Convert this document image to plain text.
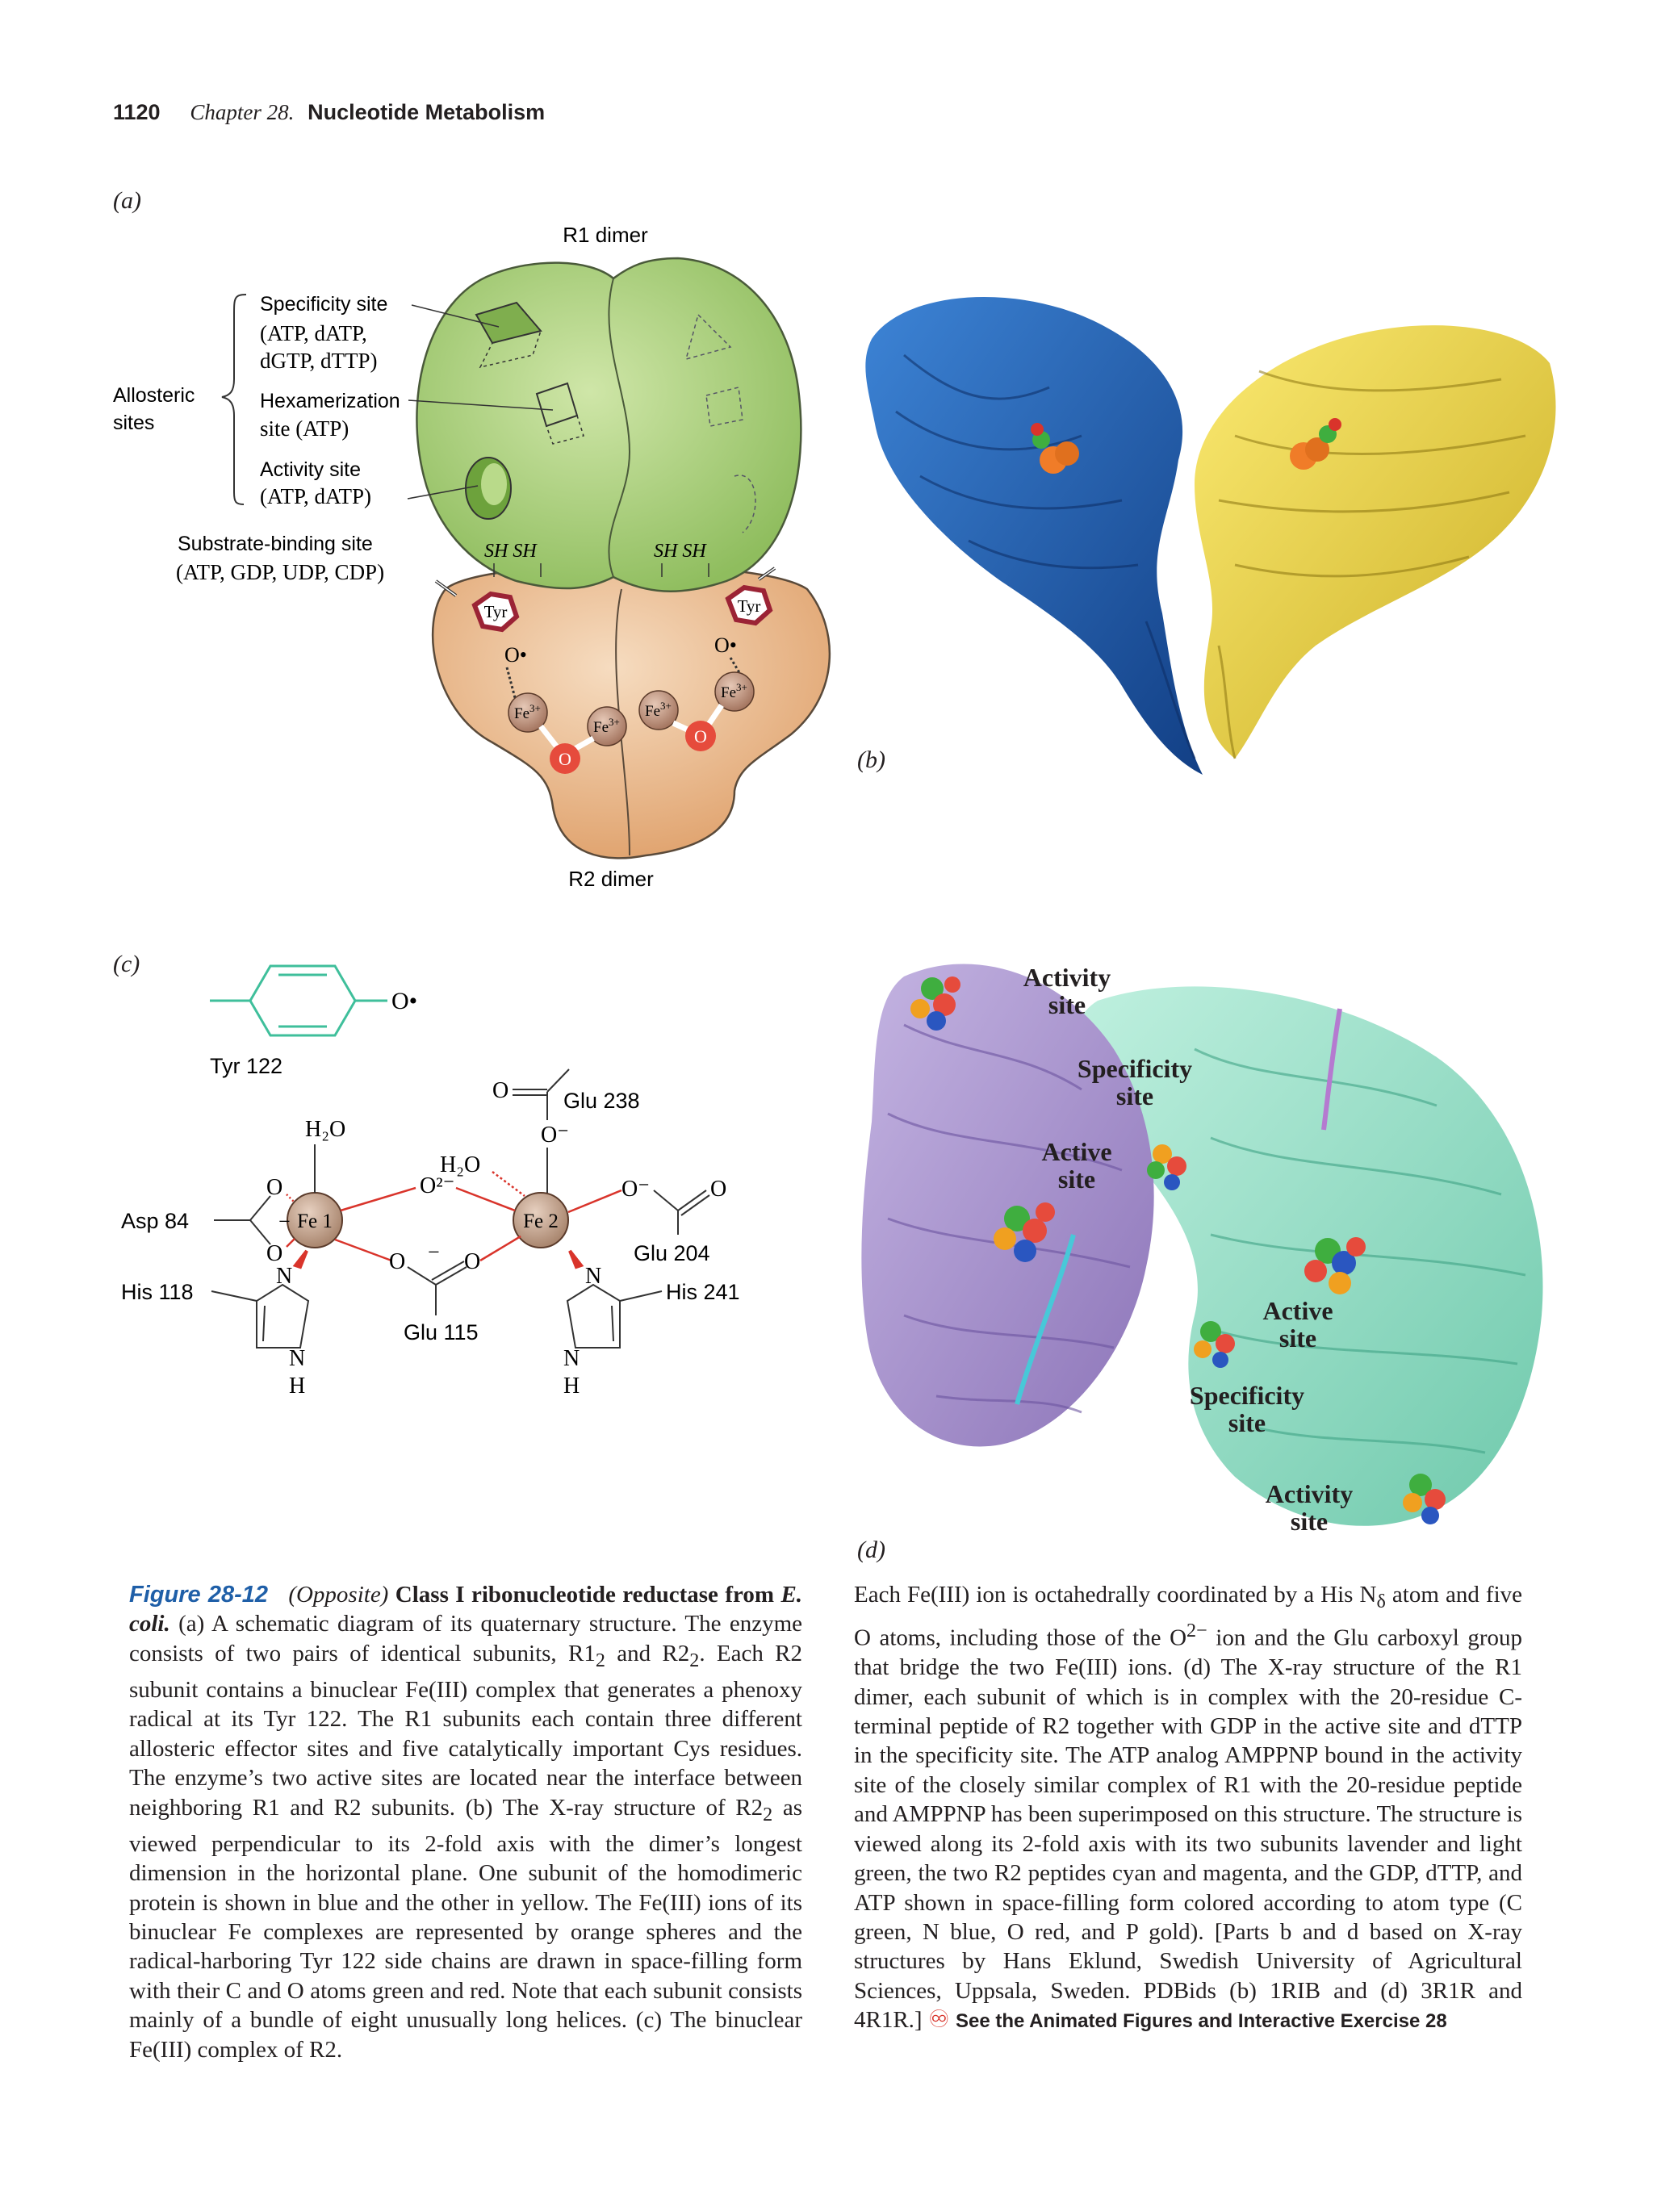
1120 Chapter 28. Nucleotide Metabolism
(a)
R1 dimer
Allosteric
sites
Specificity site
Hexamerization
Activity site
Substrate-binding site
(ATP, dATP,
dGTP, dTTP)
site (ATP)
(ATP, dATP)
(ATP, GDP, UDP, CDP)
SH SH	SH SH
Tyr	Tyr
O•	O•
$Fe^{3+}$
$Fe^{3+}$
$Fe^{3+}$
$Fe^{3+}$
O
O
R2 dimer
(b)
(c)
O•
Tyr 122
Fe 1	Fe 2
H₂O
O²⁻
H₂O
O
O⁻
Glu 238
O⁻	O
Glu 204
Asp 84
O
O
−
O − O
Glu 115
His 118
N
N
H
His 241
N
N
H
Activity
site
Specificity
site
Active
site
Active
site
Specificity
site
Activity
site
(d)

Figure 28-12 (Opposite) Class I ribonucleotide reductase from E. coli. (a) A schematic diagram of its quaternary structure. The enzyme consists of two pairs of identical subunits, $R1_2$ and $R2_2$. Each R2 subunit contains a binuclear Fe(III) complex that generates a phenoxy radical at its Tyr 122. The R1 subunits each contain three different allosteric effector sites and five catalytically important Cys residues. The enzyme’s two active sites are located near the interface between neighboring R1 and R2 subunits. (b) The X-ray structure of $R2_2$ as viewed perpendicular to its 2-fold axis with the dimer’s longest dimension in the horizontal plane. One subunit of the homodimeric protein is shown in blue and the other in yellow. The Fe(III) ions of its binuclear Fe complexes are represented by orange spheres and the radical-harboring Tyr 122 side chains are drawn in space-filling form with their C and O atoms green and red. Note that each subunit consists mainly of a bundle of eight unusually long helices. (c) The binuclear Fe(III) complex of R2.

Each Fe(III) ion is octahedrally coordinated by a His $N_\delta$ atom and five O atoms, including those of the $O^{2-}$ ion and the Glu carboxyl group that bridge the two Fe(III) ions. (d) The X-ray structure of the R1 dimer, each subunit of which is in complex with the 20-residue C-terminal peptide of R2 together with GDP in the active site and dTTP in the specificity site. The ATP analog AMPPNP bound in the activity site of the closely similar complex of R1 with the 20-residue peptide and AMPPNP has been superimposed on this structure. The structure is viewed along its 2-fold axis with its two subunits lavender and light green, the two R2 peptides cyan and magenta, and the GDP, dTTP, and ATP shown in space-filling form colored according to atom type (C green, N blue, O red, and P gold). [Parts b and d based on X-ray structures by Hans Eklund, Swedish University of Agricultural Sciences, Uppsala, Sweden. PDBids (b) 1RIB and (d) 3R1R and 4R1R.] ♾ See the Animated Figures and Interactive Exercise 28
